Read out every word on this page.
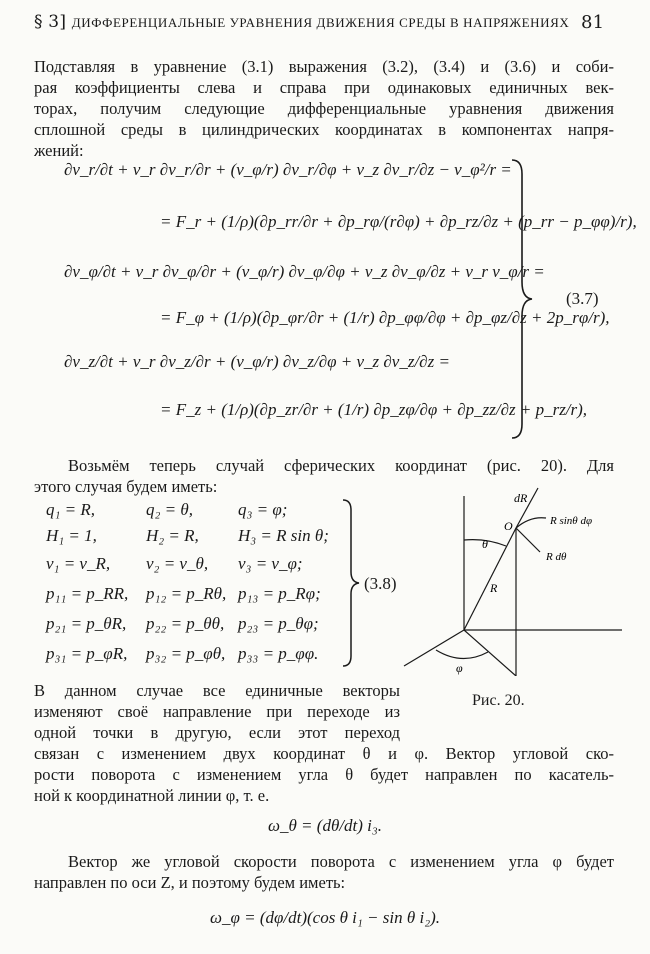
§ 3] ДИФФЕРЕНЦИАЛЬНЫЕ УРАВНЕНИЯ ДВИЖЕНИЯ СРЕДЫ В НАПРЯЖЕНИЯХ 81
Подставляя в уравнение (3.1) выражения (3.2), (3.4) и (3.6) и соби-
рая коэффициенты слева и справа при одинаковых единичных век-
торах, получим следующие дифференциальные уравнения движения
сплошной среды в цилиндрических координатах в компонентах напря-
жений:
∂v_r/∂t + v_r ∂v_r/∂r + (v_φ/r) ∂v_r/∂φ + v_z ∂v_r/∂z − v_φ²/r =
= F_r + (1/ρ)(∂p_rr/∂r + ∂p_rφ/(r∂φ) + ∂p_rz/∂z + (p_rr − p_φφ)/r),
∂v_φ/∂t + v_r ∂v_φ/∂r + (v_φ/r) ∂v_φ/∂φ + v_z ∂v_φ/∂z + v_r v_φ/r =
= F_φ + (1/ρ)(∂p_φr/∂r + (1/r) ∂p_φφ/∂φ + ∂p_φz/∂z + 2p_rφ/r),
∂v_z/∂t + v_r ∂v_z/∂r + (v_φ/r) ∂v_z/∂φ + v_z ∂v_z/∂z =
= F_z + (1/ρ)(∂p_zr/∂r + (1/r) ∂p_zφ/∂φ + ∂p_zz/∂z + p_rz/r),
(3.7)
Возьмём теперь случай сферических координат (рис. 20). Для
этого случая будем иметь:
q₁ = R,	q₂ = θ,	q₃ = φ;
H₁ = 1,	H₂ = R, H₃ = R sin θ;
v₁ = v_R, v₂ = v_θ, v₃ = v_φ;
p₁₁ = p_RR, p₁₂ = p_Rθ, p₁₃ = p_Rφ;
p₂₁ = p_θR, p₂₂ = p_θθ, p₂₃ = p_θφ;
p₃₁ = p_φR, p₃₂ = p_φθ, p₃₃ = p_φφ.
(3.8)
dR
O
θ
R sinθ dφ
R dθ
R
φ
Рис. 20.
В данном случае все единичные векторы
изменяют своё направление при переходе из
одной точки в другую, если этот переход
связан с изменением двух координат θ и φ. Вектор угловой ско-
рости поворота с изменением угла θ будет направлен по касатель-
ной к координатной линии φ, т. е.
ω_θ = (dθ/dt) i₃.
Вектор же угловой скорости поворота с изменением угла φ будет
направлен по оси Z, и поэтому будем иметь:
ω_φ = (dφ/dt)(cos θ i₁ − sin θ i₂).
